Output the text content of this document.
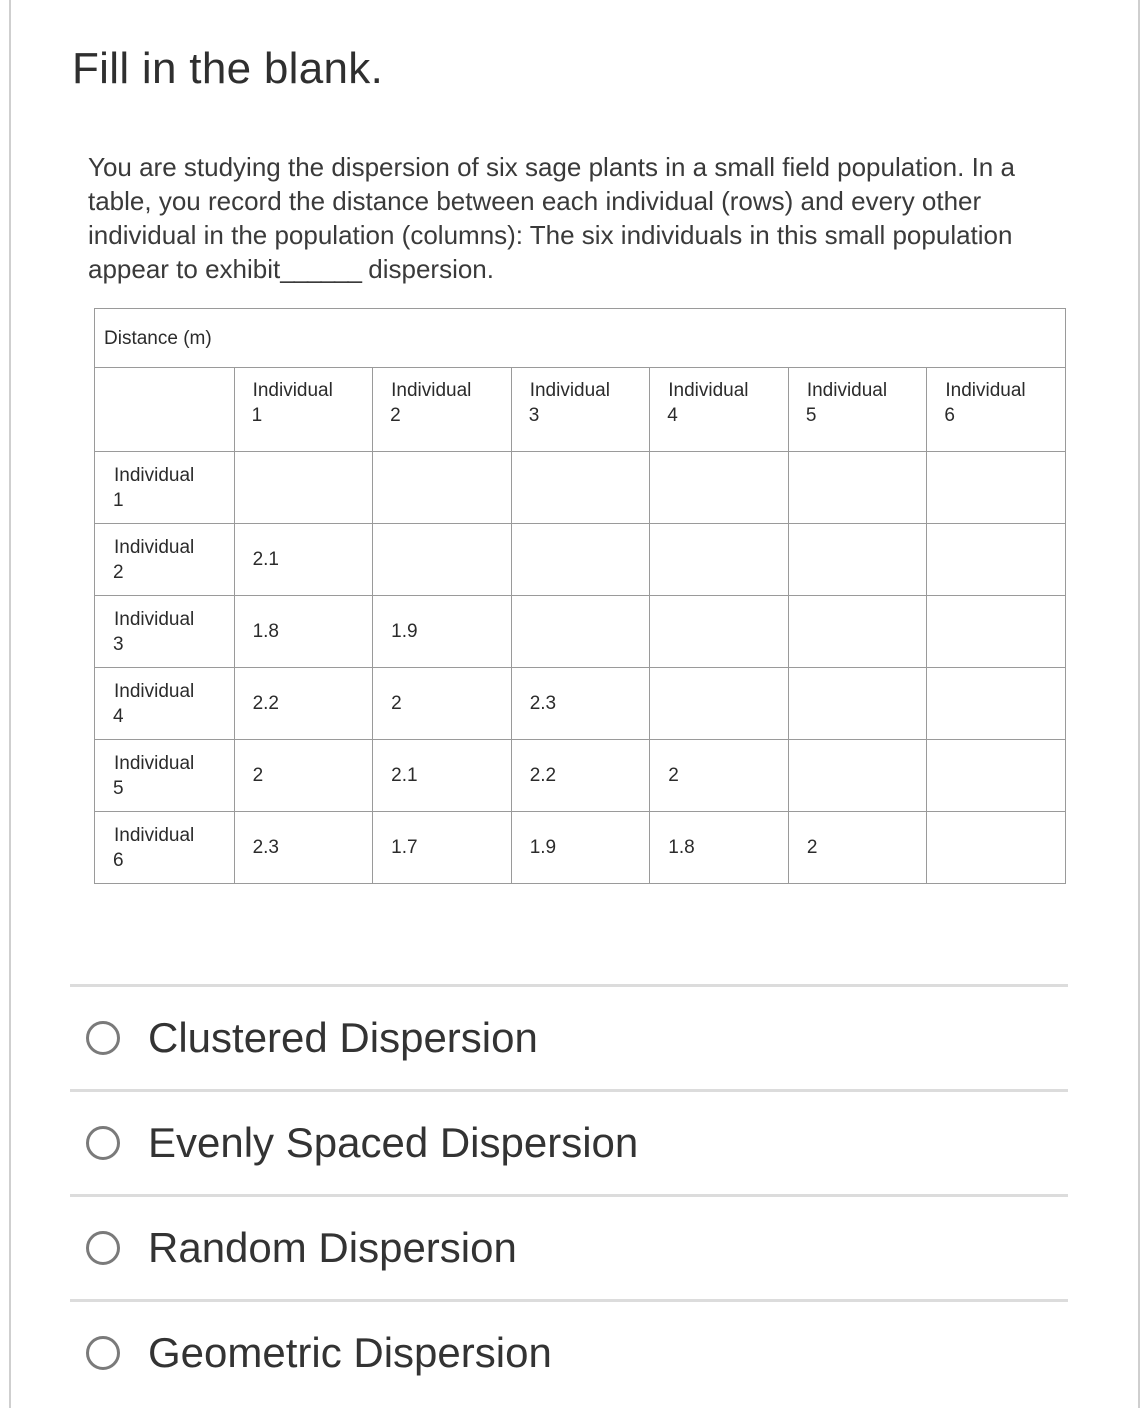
Fill in the blank.

You are studying the dispersion of six sage plants in a small field population. In a table, you record the distance between each individual (rows) and every other individual in the population (columns): The six individuals in this small population appear to exhibit______ dispersion.

Distance (m)						

	Individual
1	Individual
2	Individual
3	Individual
4	Individual
5	Individual
6

Individual
1						

Individual
2	2.1					

Individual
3	1.8	1.9				

Individual
4	2.2	2	2.3			

Individual
5	2	2.1	2.2	2		

Individual
6	2.3	1.7	1.9	1.8	2	
Clustered Dispersion
Evenly Spaced Dispersion
Random Dispersion
Geometric Dispersion
